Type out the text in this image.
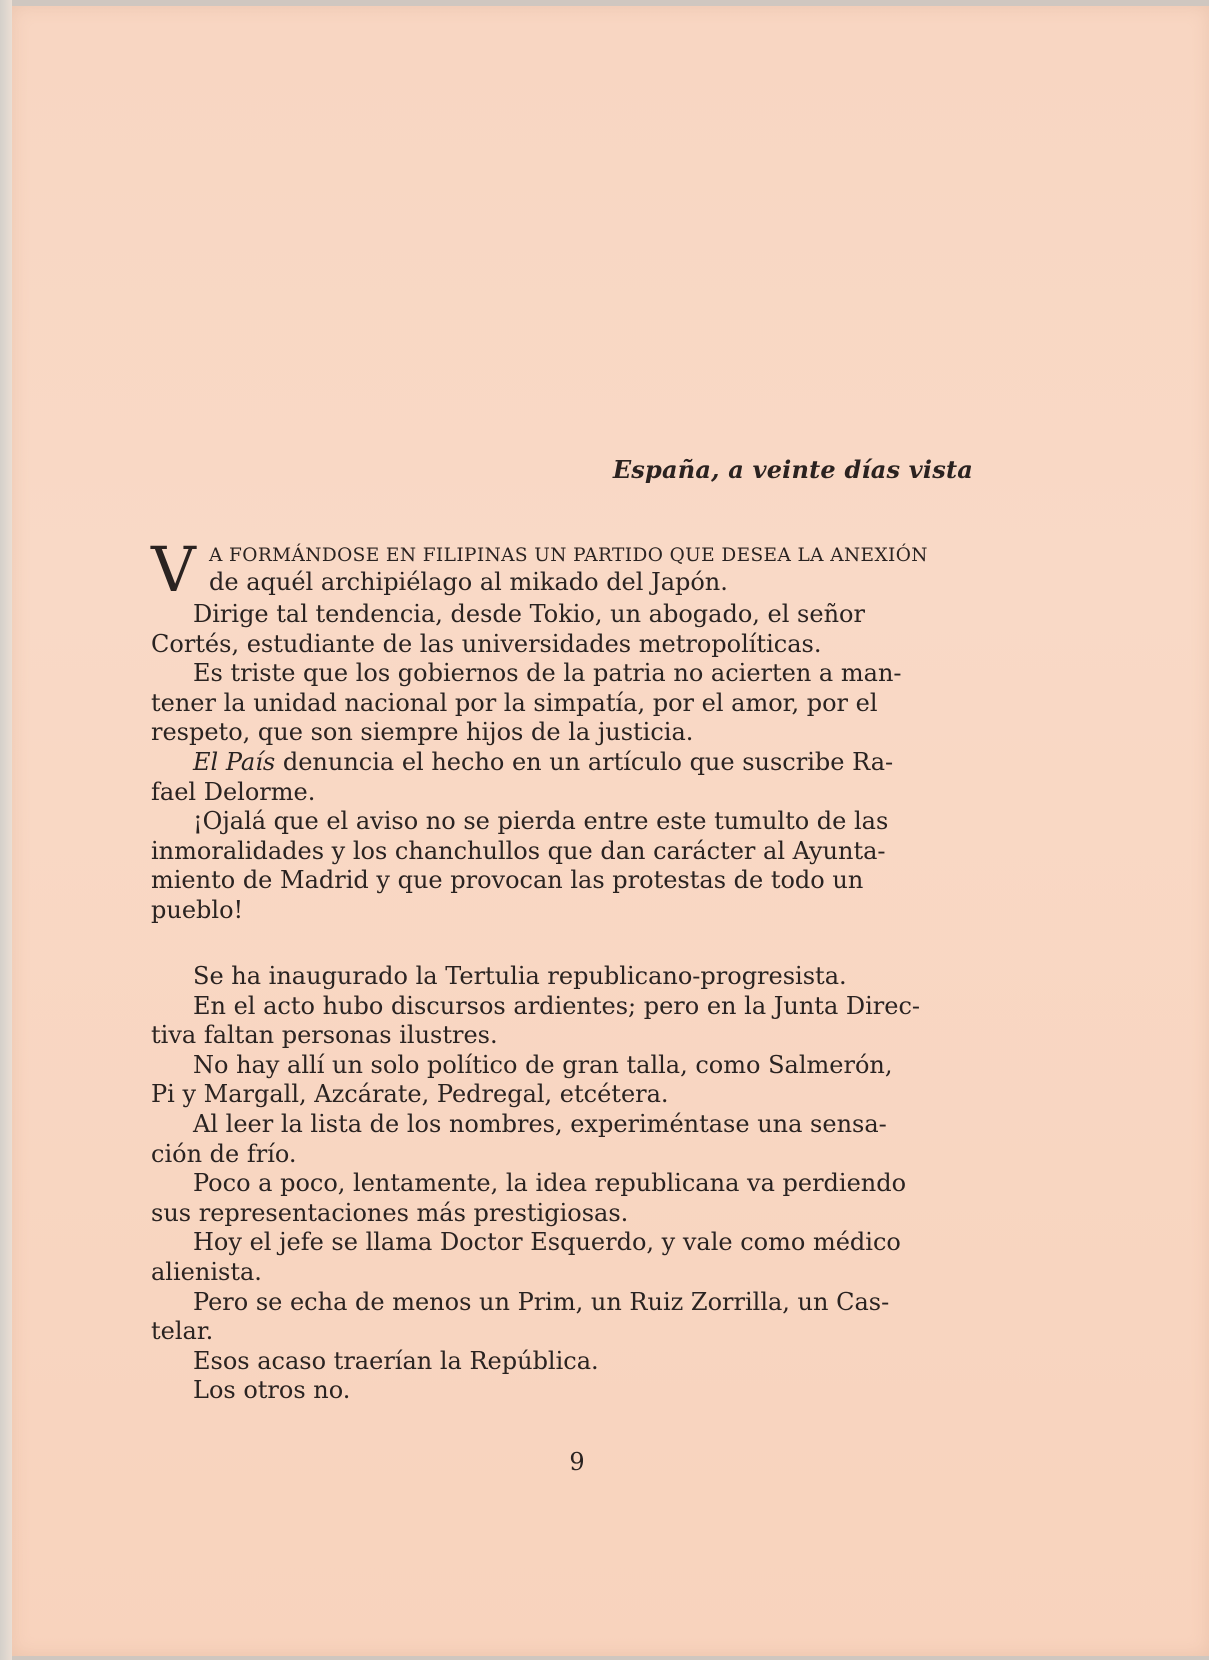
España, a veinte días vista
V A FORMÁNDOSE EN FILIPINAS UN PARTIDO QUE DESEA LA ANEXIÓN
de aquél archipiélago al mikado del Japón.

Dirige tal tendencia, desde Tokio, un abogado, el señor

Cortés, estudiante de las universidades metropolíticas.

Es triste que los gobiernos de la patria no acierten a man-

tener la unidad nacional por la simpatía, por el amor, por el

respeto, que son siempre hijos de la justicia.

El País denuncia el hecho en un artículo que suscribe Ra-

fael Delorme.

¡Ojalá que el aviso no se pierda entre este tumulto de las

inmoralidades y los chanchullos que dan carácter al Ayunta-

miento de Madrid y que provocan las protestas de todo un

pueblo!

Se ha inaugurado la Tertulia republicano-progresista.

En el acto hubo discursos ardientes; pero en la Junta Direc-

tiva faltan personas ilustres.

No hay allí un solo político de gran talla, como Salmerón,

Pi y Margall, Azcárate, Pedregal, etcétera.

Al leer la lista de los nombres, experiméntase una sensa-

ción de frío.

Poco a poco, lentamente, la idea republicana va perdiendo

sus representaciones más prestigiosas.

Hoy el jefe se llama Doctor Esquerdo, y vale como médico

alienista.

Pero se echa de menos un Prim, un Ruiz Zorrilla, un Cas-

telar.

Esos acaso traerían la República.

Los otros no.

9
